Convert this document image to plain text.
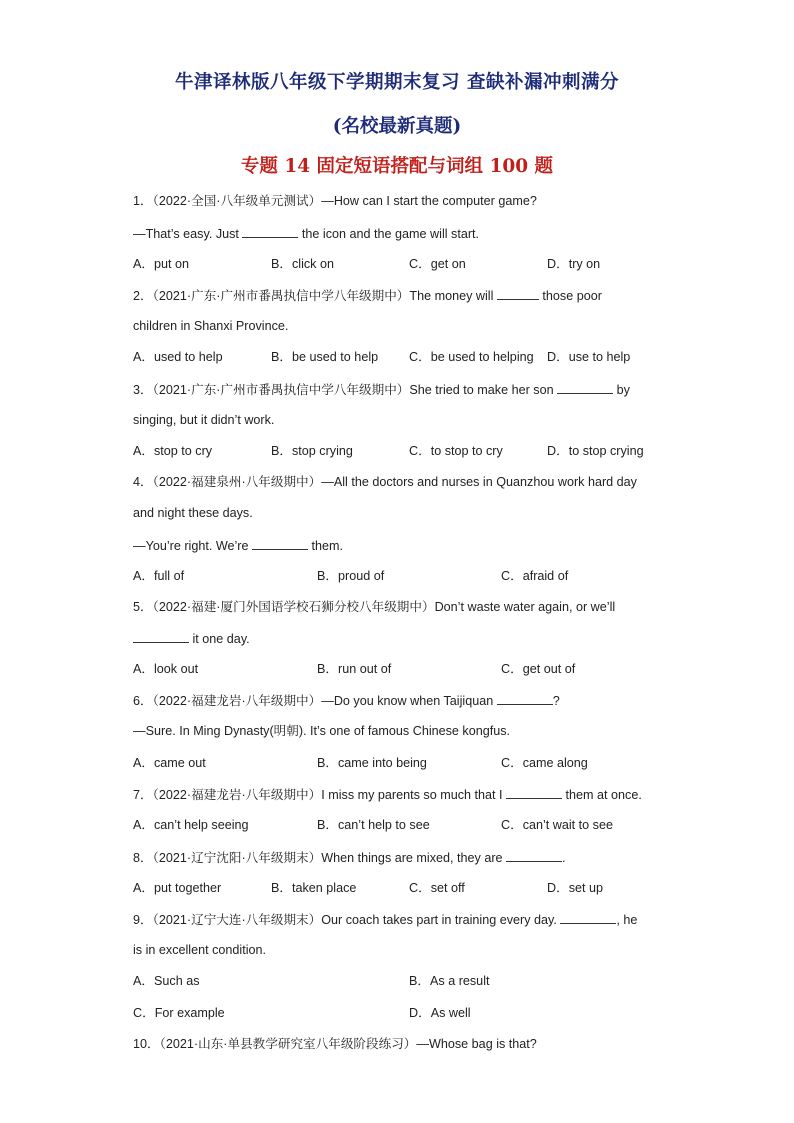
牛津译林版八年级下学期期末复习 查缺补漏冲刺满分
(名校最新真题)
专题 14 固定短语搭配与词组 100 题
1．（2022·全国·八年级单元测试）—How can I start the computer game?
—That’s easy. Just	the icon and the game will start.
A．put on	B．click on	C．get on	D．try on
2．（2021·广东·广州市番禺执信中学八年级期中）The money will	those poor
children in Shanxi Province.
A．used to help	B．be used to help C．be used to helping D．use to help
3．（2021·广东·广州市番禺执信中学八年级期中）She tried to make her son	by
singing, but it didn’t work.
A．stop to cry	B．stop crying	C．to stop to cry	D．to stop crying
4．（2022·福建泉州·八年级期中）—All the doctors and nurses in Quanzhou work hard day
and night these days.
—You’re right. We’re	them.
A．full of	B．proud of	C．afraid of
5．（2022·福建·厦门外国语学校石狮分校八年级期中）Don’t waste water again, or we’ll
it one day.
A．look out	B．run out of	C．get out of
6．（2022·福建龙岩·八年级期中）—Do you know when Taijiquan	?
—Sure. In Ming Dynasty(明朝). It’s one of famous Chinese kongfus.
A．came out	B．came into being	C．came along
7．（2022·福建龙岩·八年级期中）I miss my parents so much that I	them at once.
A．can’t help seeing	B．can’t help to see	C．can’t wait to see
8．（2021·辽宁沈阳·八年级期末）When things are mixed, they are	.
A．put together	B．taken place	C．set off	D．set up
9．（2021·辽宁大连·八年级期末）Our coach takes part in training every day.	, he
is in excellent condition.
A．Such as	B．As a result
C．For example	D．As well
10．（2021·山东·单县教学研究室八年级阶段练习）—Whose bag is that?
